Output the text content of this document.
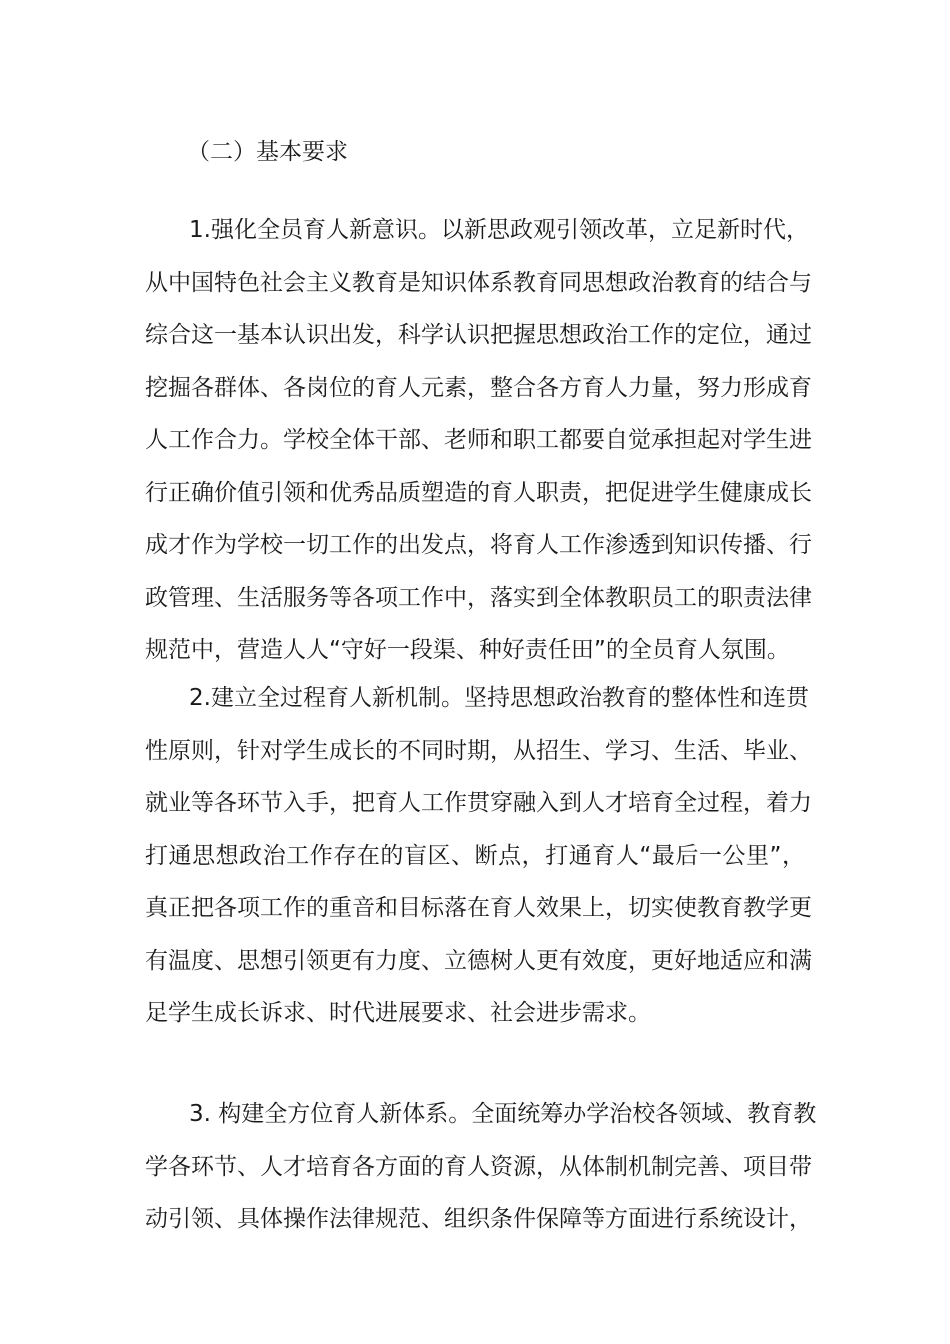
（二）基本要求
1.强化全员育人新意识。以新思政观引领改革，立足新时代，
从中国特色社会主义教育是知识体系教育同思想政治教育的结合与
综合这一基本认识出发，科学认识把握思想政治工作的定位，通过
挖掘各群体、各岗位的育人元素，整合各方育人力量，努力形成育
人工作合力。学校全体干部、老师和职工都要自觉承担起对学生进
行正确价值引领和优秀品质塑造的育人职责，把促进学生健康成长
成才作为学校一切工作的出发点，将育人工作渗透到知识传播、行
政管理、生活服务等各项工作中，落实到全体教职员工的职责法律
规范中，营造人人“守好一段渠、种好责任田”的全员育人氛围。
2.建立全过程育人新机制。坚持思想政治教育的整体性和连贯
性原则，针对学生成长的不同时期，从招生、学习、生活、毕业、
就业等各环节入手，把育人工作贯穿融入到人才培育全过程，着力
打通思想政治工作存在的盲区、断点，打通育人“最后一公里”，
真正把各项工作的重音和目标落在育人效果上，切实使教育教学更
有温度、思想引领更有力度、立德树人更有效度，更好地适应和满
足学生成长诉求、时代进展要求、社会进步需求。
3. 构建全方位育人新体系。全面统筹办学治校各领域、教育教
学各环节、人才培育各方面的育人资源，从体制机制完善、项目带
动引领、具体操作法律规范、组织条件保障等方面进行系统设计，
